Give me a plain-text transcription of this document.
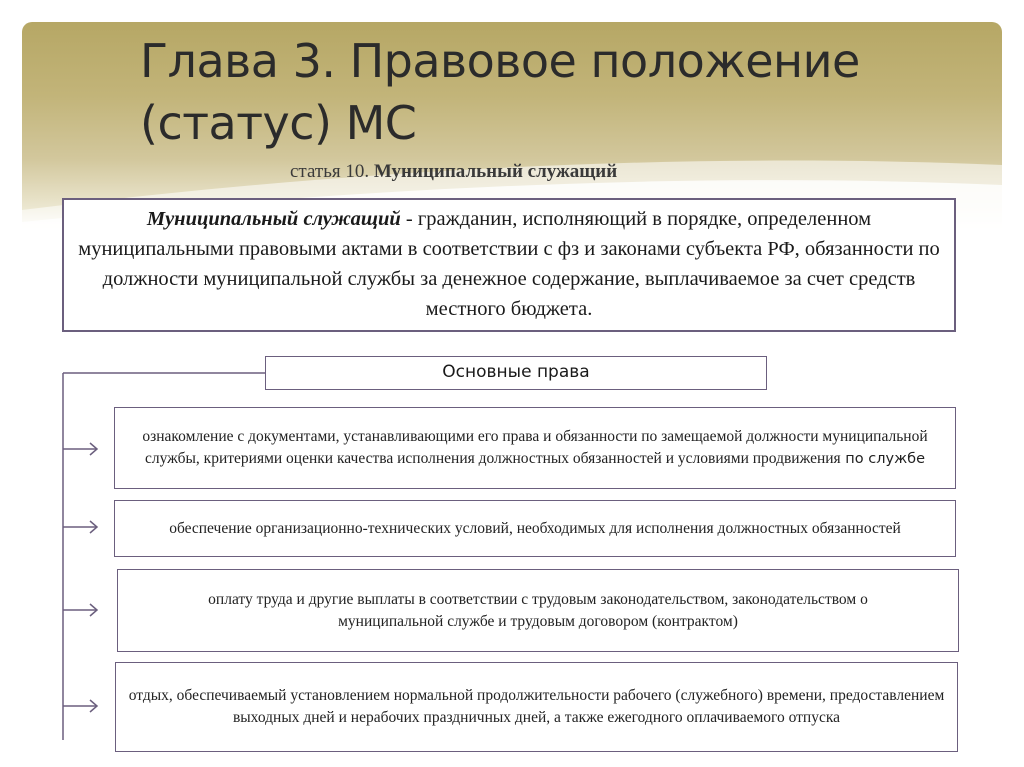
Глава 3. Правовое положение (статус) МС
статья 10. Муниципальный служащий
Муниципальный служащий - гражданин, исполняющий в порядке, определенном муниципальными правовыми актами в соответствии с фз и законами субъекта РФ, обязанности по должности муниципальной службы за денежное содержание, выплачиваемое за счет средств местного бюджета.
Основные права
ознакомление с документами, устанавливающими его права и обязанности по замещаемой должности муниципальной службы, критериями оценки качества исполнения должностных обязанностей и условиями продвижения по службе
обеспечение организационно-технических условий, необходимых для исполнения должностных обязанностей
оплату труда и другие выплаты в соответствии с трудовым законодательством, законодательством о муниципальной службе и трудовым договором (контрактом)
отдых, обеспечиваемый установлением нормальной продолжительности рабочего (служебного) времени, предоставлением выходных дней и нерабочих праздничных дней, а также ежегодного оплачиваемого отпуска
